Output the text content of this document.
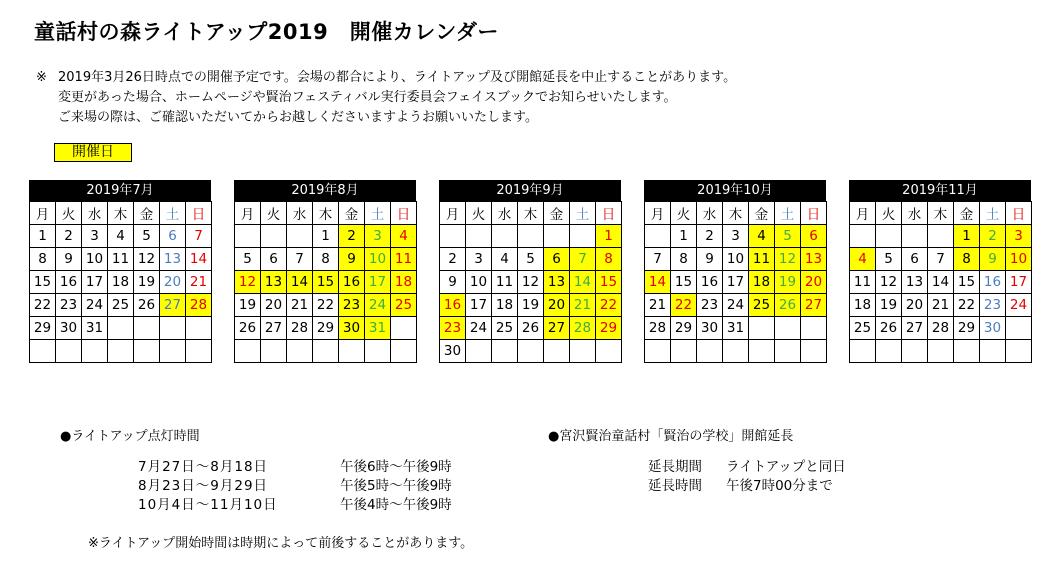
童話村の森ライトアップ2019　開催カレンダー
※ 2019年3月26日時点での開催予定です。会場の都合により、ライトアップ及び開館延長を中止することがあります。
変更があった場合、ホームページや賢治フェスティバル実行委員会フェイスブックでお知らせいたします。
ご来場の際は、ご確認いただいてからお越しくださいますようお願いいたします。
開催日
2019年7月
月	火	水	木	金	土	日
1	2	3	4	5	6	7
8	9	10	11	12	13	14
15	16	17	18	19	20	21
22	23	24	25	26	27	28
29	30	31				

2019年8月
月	火	水	木	金	土	日
			1	2	3	4
5	6	7	8	9	10	11
12	13	14	15	16	17	18
19	20	21	22	23	24	25
26	27	28	29	30	31	

2019年9月
月	火	水	木	金	土	日
						1
2	3	4	5	6	7	8
9	10	11	12	13	14	15
16	17	18	19	20	21	22
23	24	25	26	27	28	29
30						
2019年10月
月	火	水	木	金	土	日
	1	2	3	4	5	6
7	8	9	10	11	12	13
14	15	16	17	18	19	20
21	22	23	24	25	26	27
28	29	30	31			

2019年11月
月	火	水	木	金	土	日
				1	2	3
4	5	6	7	8	9	10
11	12	13	14	15	16	17
18	19	20	21	22	23	24
25	26	27	28	29	30	

●ライトアップ点灯時間
7月27日～8月18日	午後6時～午後9時
8月23日～9月29日	午後5時～午後9時
10月4日～11月10日	午後4時～午後9時
●宮沢賢治童話村「賢治の学校」開館延長
延長期間	ライトアップと同日
延長時間	午後7時00分まで
※ライトアップ開始時間は時期によって前後することがあります。
